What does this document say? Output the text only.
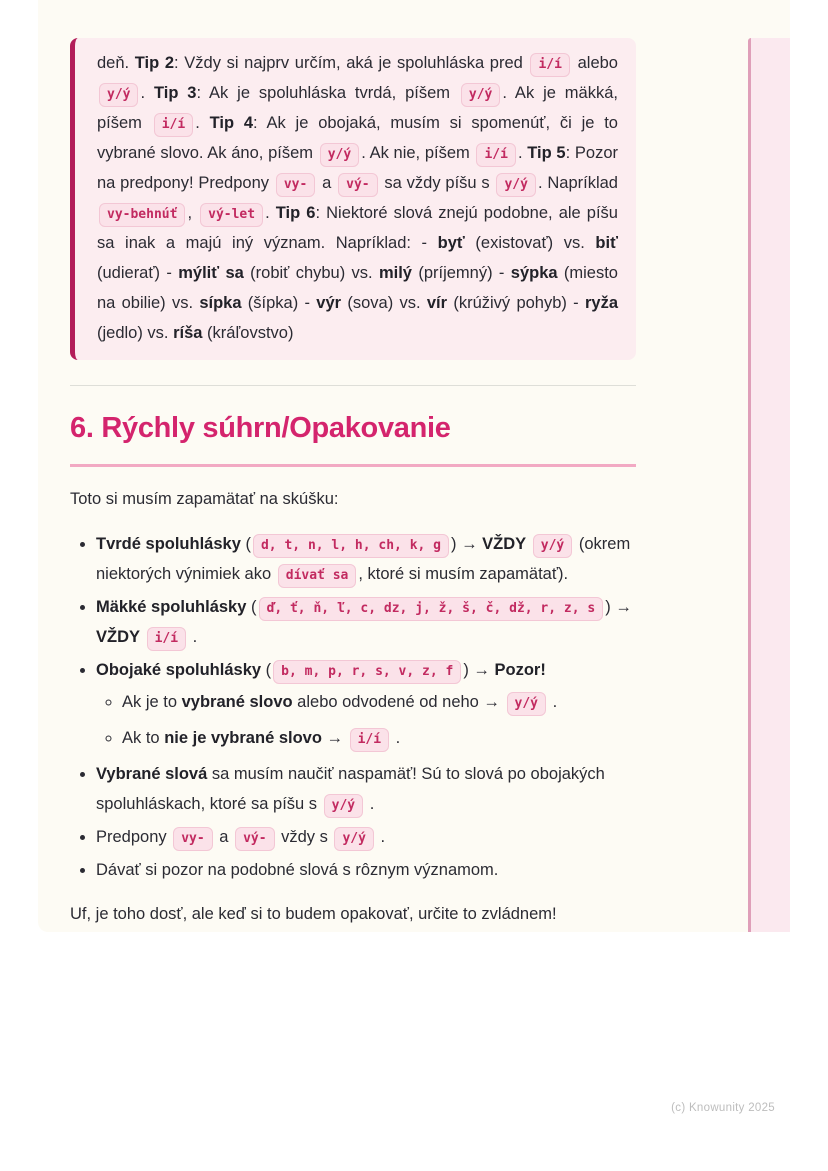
deň. Tip 2: Vždy si najprv určím, aká je spoluhláska pred i/í alebo y/ý . Tip 3: Ak je spoluhláska tvrdá, píšem y/ý . Ak je mäkká, píšem i/í . Tip 4: Ak je obojaká, musím si spomenúť, či je to vybrané slovo. Ak áno, píšem y/ý . Ak nie, píšem i/í . Tip 5: Pozor na predpony! Predpony vy- a vý- sa vždy píšu s y/ý . Napríklad vy-behnúť , vý-let . Tip 6: Niektoré slová znejú podobne, ale píšu sa inak a majú iný význam. Napríklad: - byť (existovať) vs. biť (udierať) - mýliť sa (robiť chybu) vs. milý (príjemný) - sýpka (miesto na obilie) vs. sípka (šípka) - výr (sova) vs. vír (krúživý pohyb) - ryža (jedlo) vs. ríša (kráľovstvo)

6. Rýchly súhrn/Opakovanie

Toto si musím zapamätať na skúšku:

• Tvrdé spoluhlásky ( d, t, n, l, h, ch, k, g ) → VŽDY y/ý (okrem niektorých výnimiek ako dívať sa , ktoré si musím zapamätať).
• Mäkké spoluhlásky ( ď, ť, ň, ľ, c, dz, j, ž, š, č, dž, r, z, s ) → VŽDY i/í .
• Obojaké spoluhlásky ( b, m, p, r, s, v, z, f ) → Pozor!
◦ Ak je to vybrané slovo alebo odvodené od neho → y/ý .
◦ Ak to nie je vybrané slovo → i/í .
• Vybrané slová sa musím naučiť naspamäť! Sú to slová po obojakých spoluhláskach, ktoré sa píšu s y/ý .
• Predpony vy- a vý- vždy s y/ý .
• Dávať si pozor na podobné slová s rôznym významom.

Uf, je toho dosť, ale keď si to budem opakovať, určite to zvládnem!

(c) Knowunity 2025
